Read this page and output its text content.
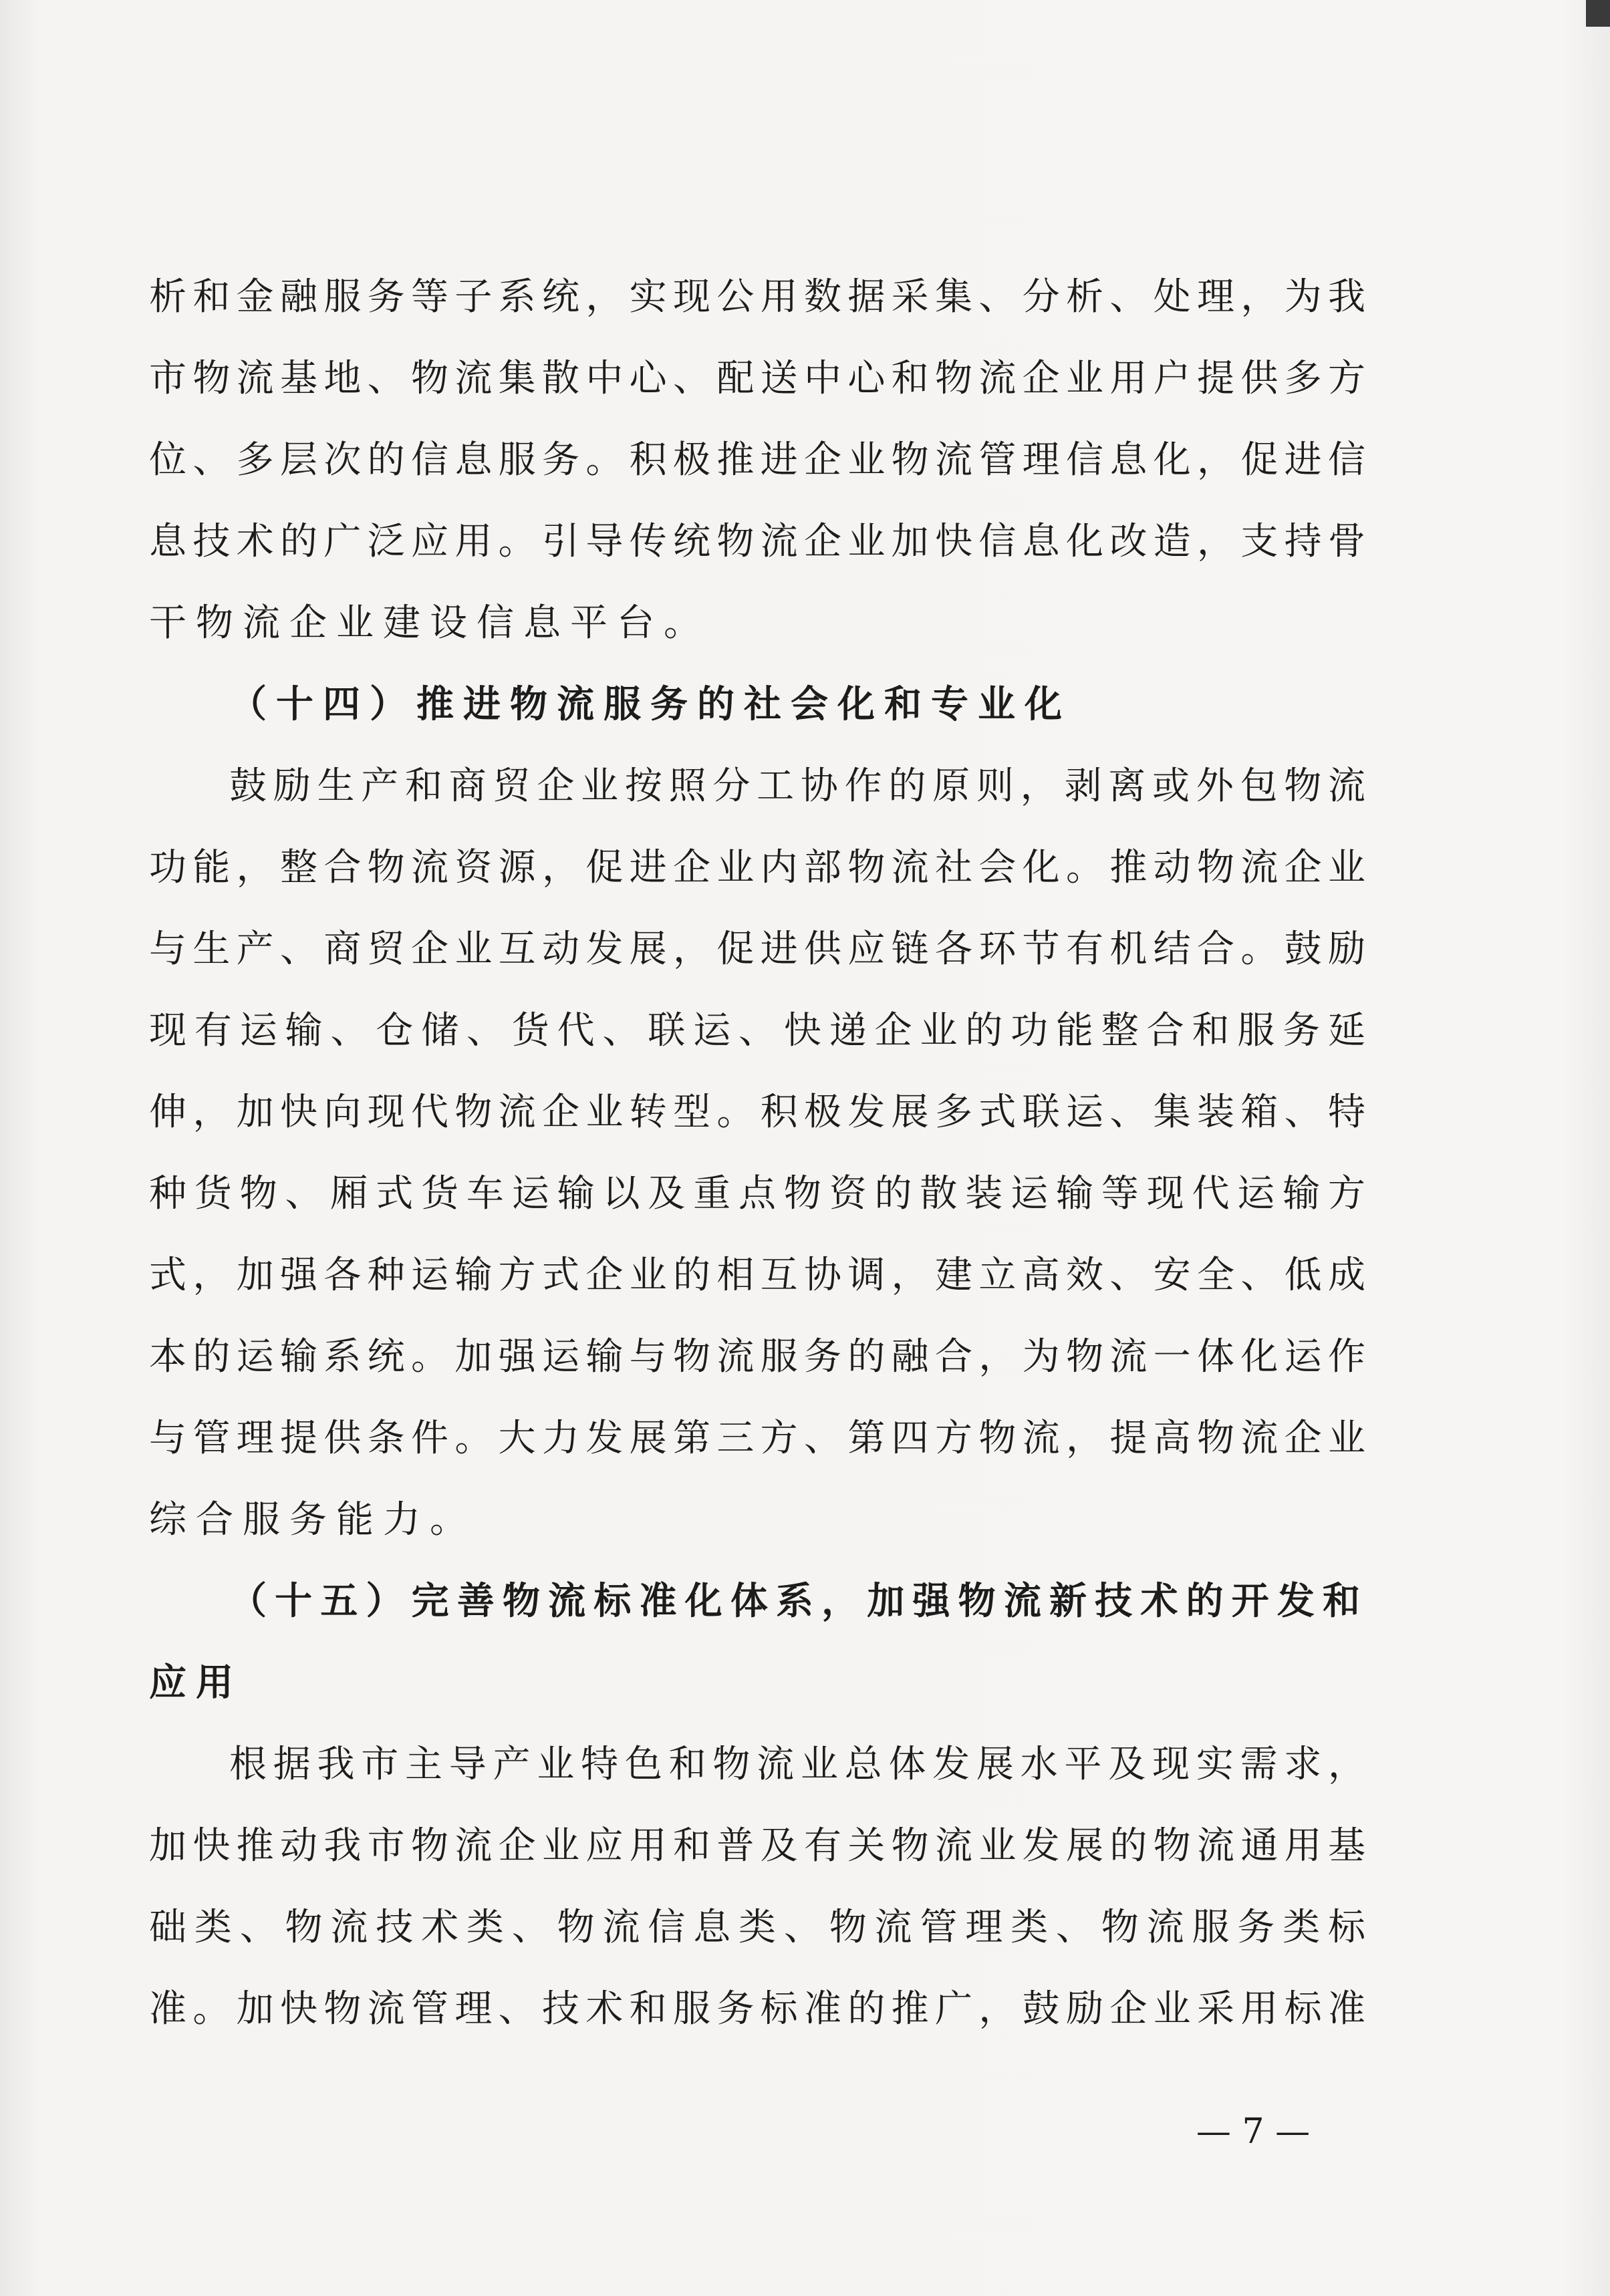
析和金融服务等子系统，实现公用数据采集、分析、处理，为我
市物流基地、物流集散中心、配送中心和物流企业用户提供多方
位、多层次的信息服务。积极推进企业物流管理信息化，促进信
息技术的广泛应用。引导传统物流企业加快信息化改造，支持骨
干物流企业建设信息平台。
（十四）推进物流服务的社会化和专业化
鼓励生产和商贸企业按照分工协作的原则，剥离或外包物流
功能，整合物流资源，促进企业内部物流社会化。推动物流企业
与生产、商贸企业互动发展，促进供应链各环节有机结合。鼓励
现有运输、仓储、货代、联运、快递企业的功能整合和服务延
伸，加快向现代物流企业转型。积极发展多式联运、集装箱、特
种货物、厢式货车运输以及重点物资的散装运输等现代运输方
式，加强各种运输方式企业的相互协调，建立高效、安全、低成
本的运输系统。加强运输与物流服务的融合，为物流一体化运作
与管理提供条件。大力发展第三方、第四方物流，提高物流企业
综合服务能力。
（十五）完善物流标准化体系，加强物流新技术的开发和
应用
根据我市主导产业特色和物流业总体发展水平及现实需求，
加快推动我市物流企业应用和普及有关物流业发展的物流通用基
础类、物流技术类、物流信息类、物流管理类、物流服务类标
准。加快物流管理、技术和服务标准的推广，鼓励企业采用标准
— 7 —
